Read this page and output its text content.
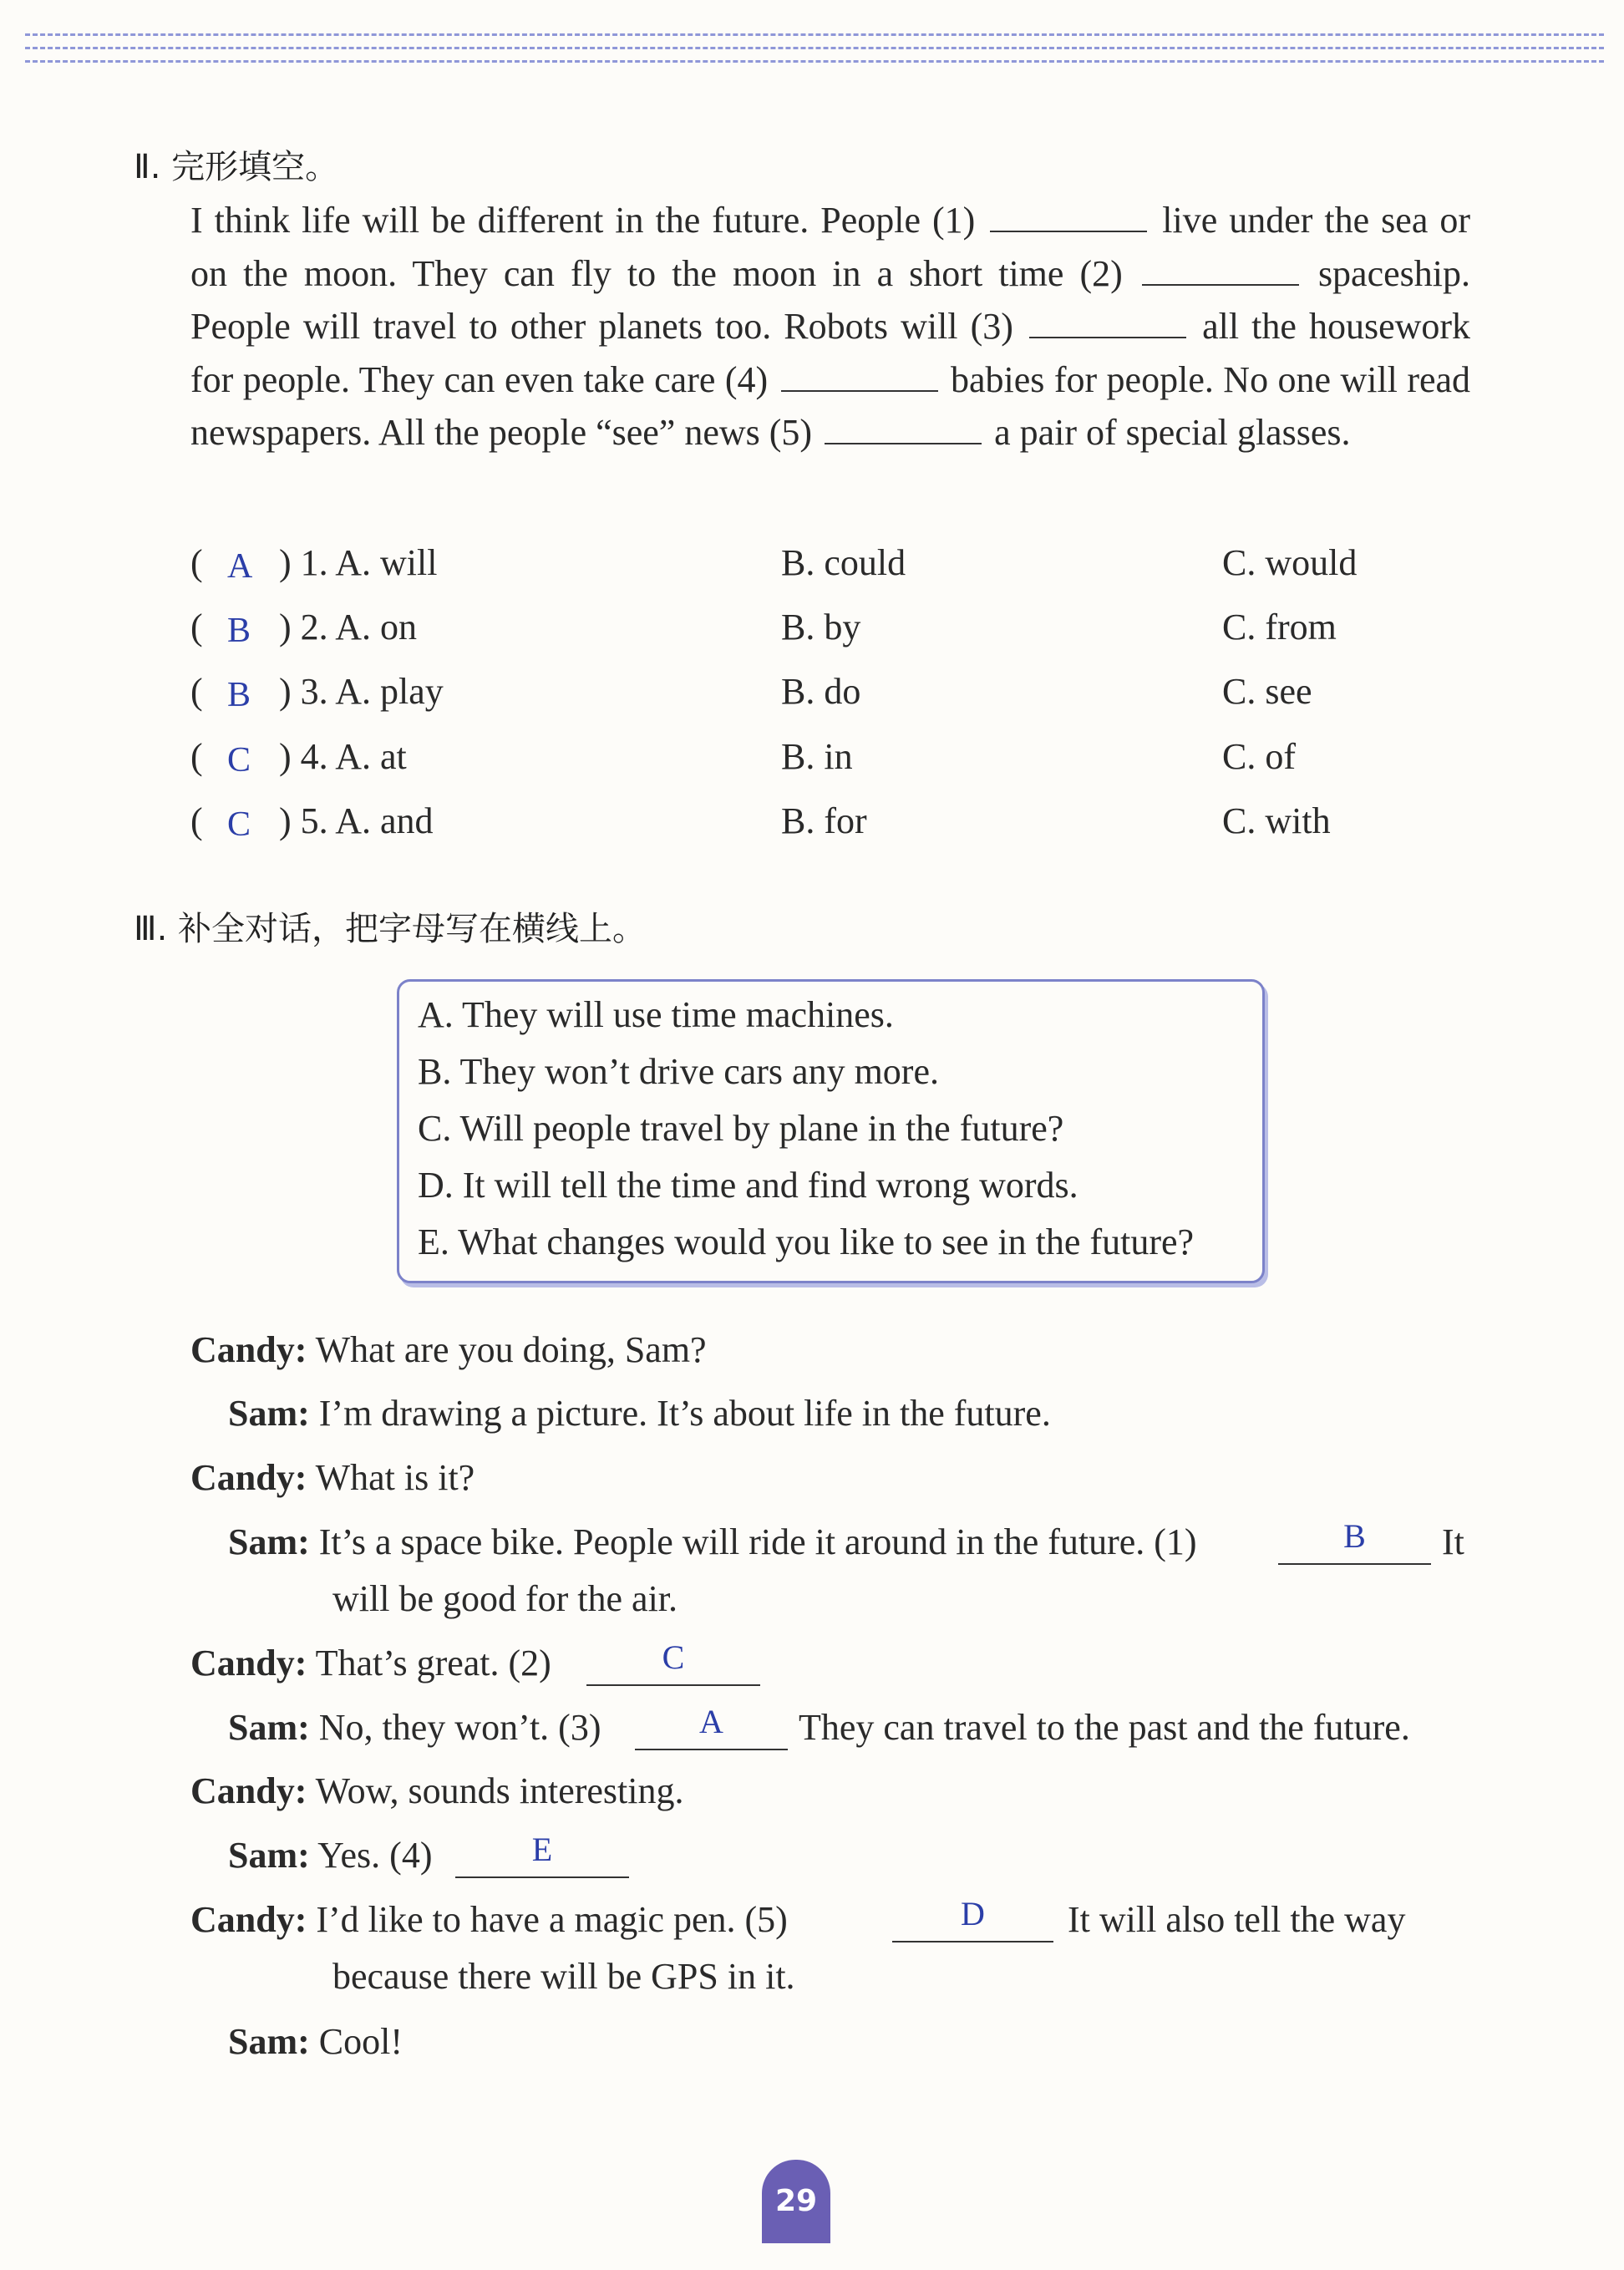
Ⅱ. 完形填空。
I think life will be different in the future. People (1)	live under the sea or on the moon. They can fly to the moon in a short time (2)	spaceship. People will travel to other planets too. Robots will (3)	all the housework for people. They can even take care (4)	babies for people. No one will read newspapers. All the people “see” news (5)	a pair of special glasses.
( A ) 1. A. will	B. could	C. would
( B ) 2. A. on	B. by	C. from
( B ) 3. A. play	B. do	C. see
( C ) 4. A. at	B. in	C. of
( C ) 5. A. and	B. for	C. with
Ⅲ. 补全对话，把字母写在横线上。
A. They will use time machines.
B. They won’t drive cars any more.
C. Will people travel by plane in the future?
D. It will tell the time and find wrong words.
E. What changes would you like to see in the future?
Candy: What are you doing, Sam?
Sam: I’m drawing a picture. It’s about life in the future.
Candy: What is it?
Sam: It’s a space bike. People will ride it around in the future. (1)	B	It
will be good for the air.
Candy: That’s great. (2)	C
Sam: No, they won’t. (3)	A	They can travel to the past and the future.
Candy: Wow, sounds interesting.
Sam: Yes. (4)	E
Candy: I’d like to have a magic pen. (5)	D	It will also tell the way
because there will be GPS in it.
Sam: Cool!
29
